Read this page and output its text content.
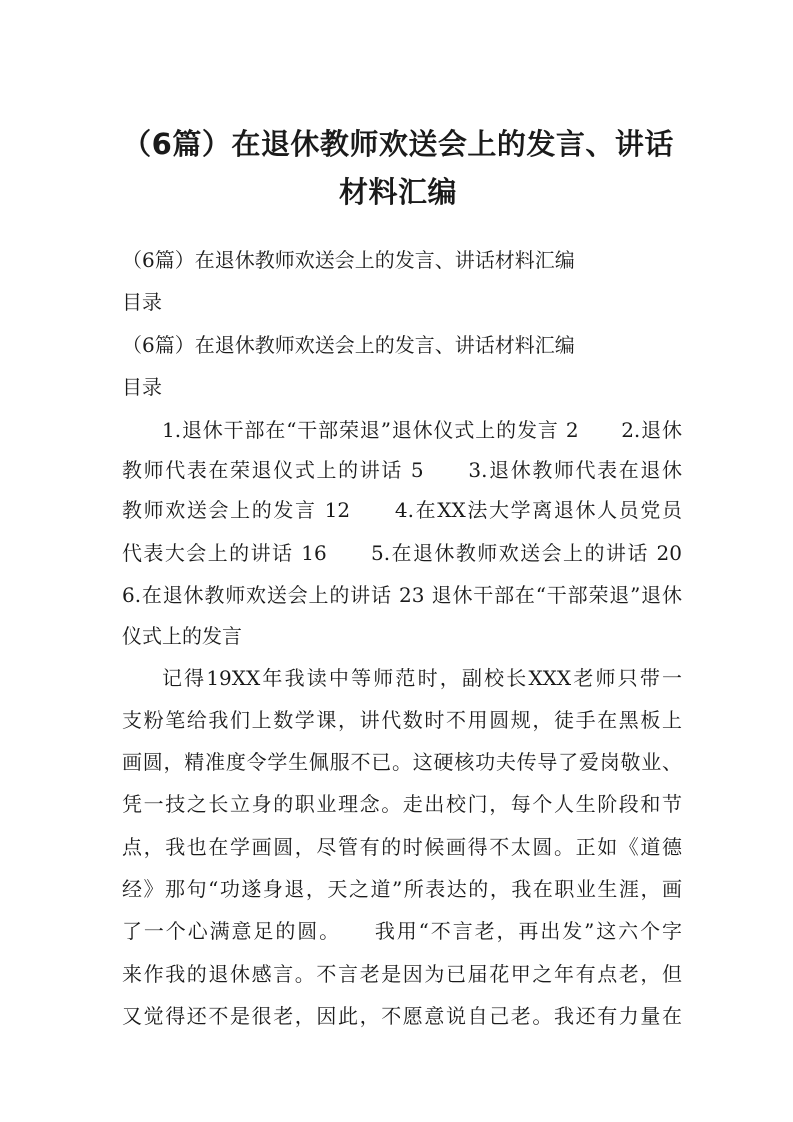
（6篇）在退休教师欢送会上的发言、讲话
材料汇编
（6篇）在退休教师欢送会上的发言、讲话材料汇编
目录
（6篇）在退休教师欢送会上的发言、讲话材料汇编
目录
1.退休干部在“干部荣退”退休仪式上的发言 2　　2.退休
教师代表在荣退仪式上的讲话 5　　3.退休教师代表在退休
教师欢送会上的发言 12　　4.在XX法大学离退休人员党员
代表大会上的讲话 16　　5.在退休教师欢送会上的讲话 20
6.在退休教师欢送会上的讲话 23 退休干部在“干部荣退”退休
仪式上的发言
记得19XX年我读中等师范时，副校长XXX老师只带一
支粉笔给我们上数学课，讲代数时不用圆规，徒手在黑板上
画圆，精准度令学生佩服不已。这硬核功夫传导了爱岗敬业、
凭一技之长立身的职业理念。走出校门，每个人生阶段和节
点，我也在学画圆，尽管有的时候画得不太圆。正如《道德
经》那句“功遂身退，天之道”所表达的，我在职业生涯，画
了一个心满意足的圆。　　我用“不言老，再出发”这六个字
来作我的退休感言。不言老是因为已届花甲之年有点老，但
又觉得还不是很老，因此，不愿意说自己老。我还有力量在
